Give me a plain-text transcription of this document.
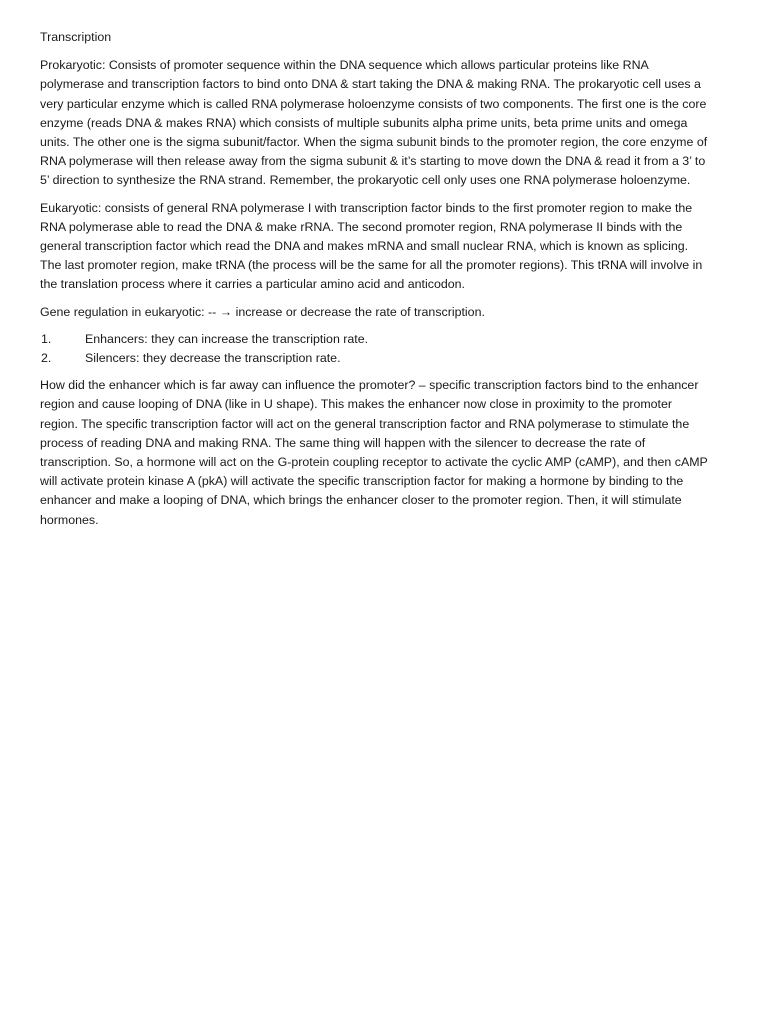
Transcription

Prokaryotic: Consists of promoter sequence within the DNA sequence which allows particular proteins like RNA polymerase and transcription factors to bind onto DNA & start taking the DNA & making RNA. The prokaryotic cell uses a very particular enzyme which is called RNA polymerase holoenzyme consists of two components. The first one is the core enzyme (reads DNA & makes RNA) which consists of multiple subunits alpha prime units, beta prime units and omega units. The other one is the sigma subunit/factor. When the sigma subunit binds to the promoter region, the core enzyme of RNA polymerase will then release away from the sigma subunit & it’s starting to move down the DNA & read it from a 3’ to 5’ direction to synthesize the RNA strand. Remember, the prokaryotic cell only uses one RNA polymerase holoenzyme.

Eukaryotic: consists of general RNA polymerase I with transcription factor binds to the first promoter region to make the RNA polymerase able to read the DNA & make rRNA. The second promoter region, RNA polymerase II binds with the general transcription factor which read the DNA and makes mRNA and small nuclear RNA, which is known as splicing. The last promoter region, make tRNA (the process will be the same for all the promoter regions). This tRNA will involve in the translation process where it carries a particular amino acid and anticodon.

Gene regulation in eukaryotic: -- → increase or decrease the rate of transcription.

1.	Enhancers: they can increase the transcription rate.
2.	Silencers: they decrease the transcription rate.

How did the enhancer which is far away can influence the promoter? – specific transcription factors bind to the enhancer region and cause looping of DNA (like in U shape). This makes the enhancer now close in proximity to the promoter region. The specific transcription factor will act on the general transcription factor and RNA polymerase to stimulate the process of reading DNA and making RNA. The same thing will happen with the silencer to decrease the rate of transcription. So, a hormone will act on the G-protein coupling receptor to activate the cyclic AMP (cAMP), and then cAMP will activate protein kinase A (pkA) will activate the specific transcription factor for making a hormone by binding to the enhancer and make a looping of DNA, which brings the enhancer closer to the promoter region. Then, it will stimulate hormones.
